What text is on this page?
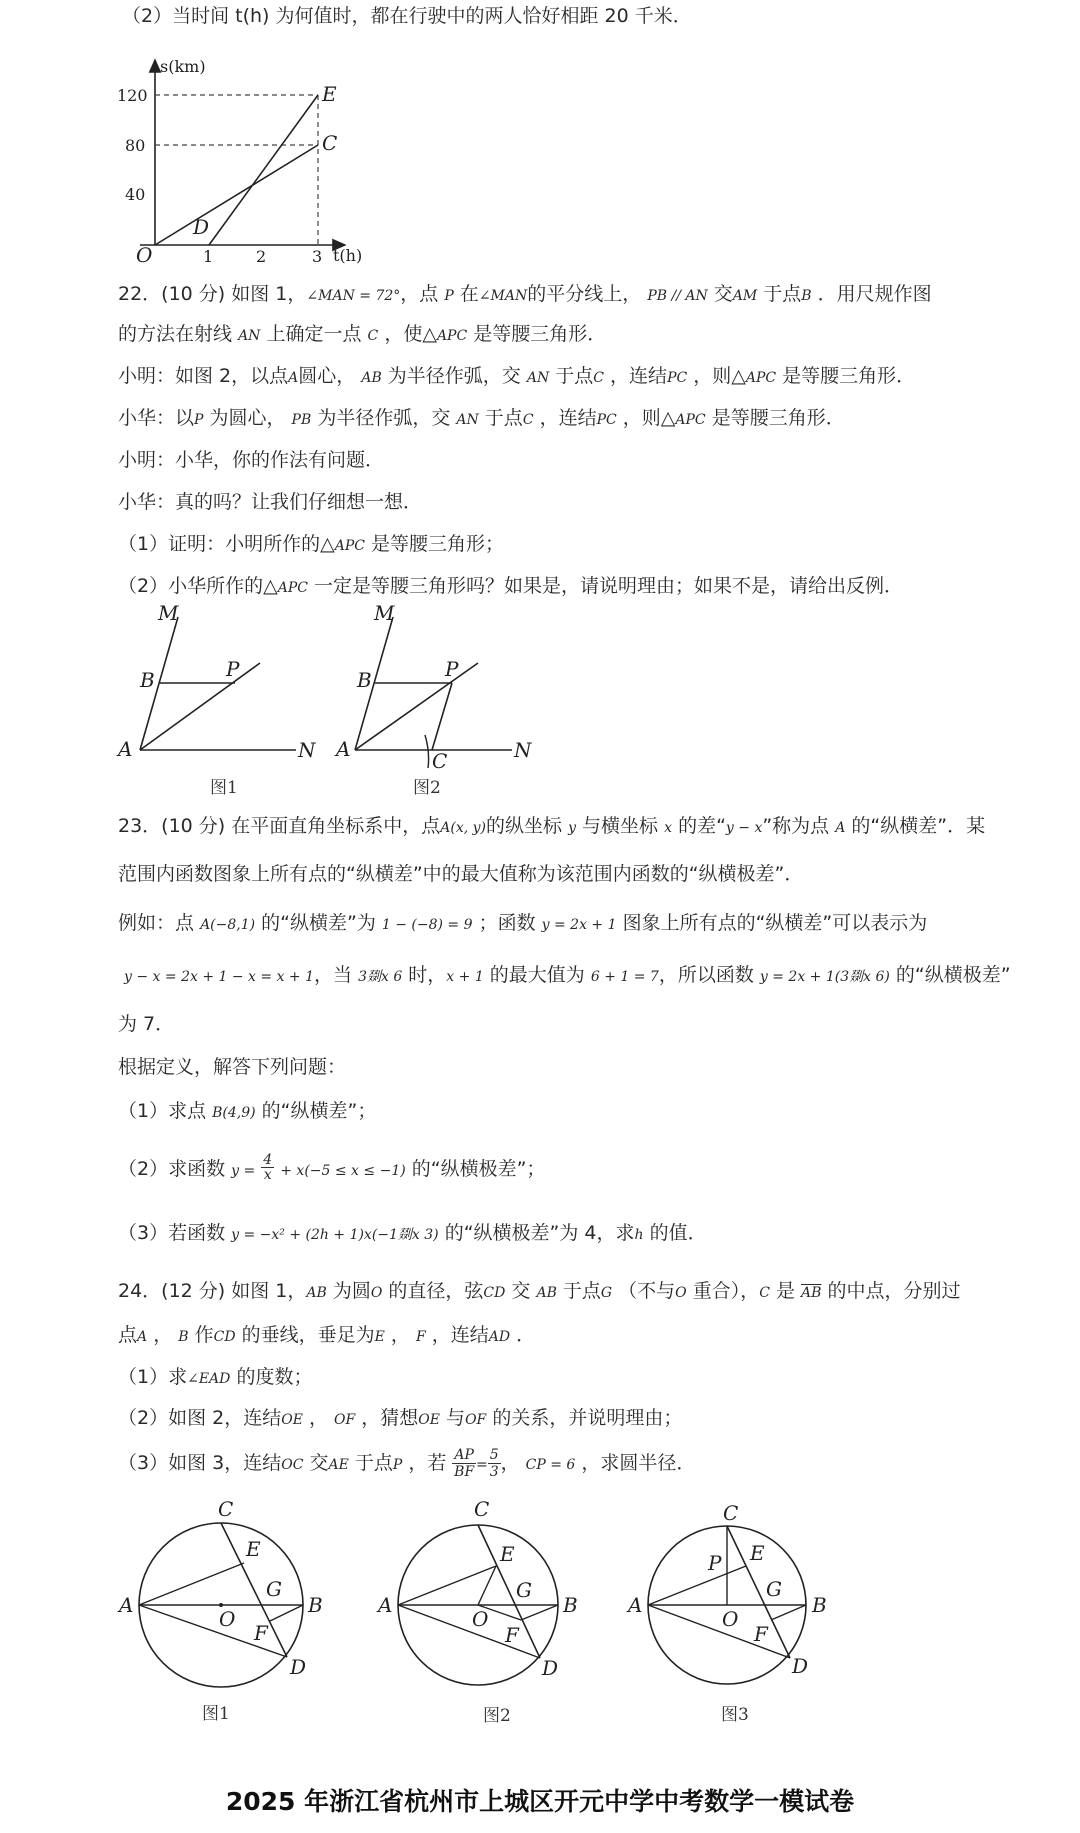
（2）当时间 t(h) 为何值时，都在行驶中的两人恰好相距 20 千米．
s(km)
t(h)
120
80
40
1	2	3
O
E
C
D
M
B	P
A	N
图1
M
B	P
A	C	N
图2
C
E
G
A	B
O
F
D
图1
C
E
G
A	B
O
F
D
图2
C
P E
G
A	B
O
F
D
图3
22．(10 分) 如图 1，∠MAN = 72°，点 P 在∠MAN的平分线上， PB // AN 交AM 于点B ．用尺规作图
的方法在射线 AN 上确定一点 C ，使△APC 是等腰三角形．
小明：如图 2，以点A圆心， AB 为半径作弧，交 AN 于点C ，连结PC ，则△APC 是等腰三角形．
小华：以P 为圆心， PB 为半径作弧，交 AN 于点C ，连结PC ，则△APC 是等腰三角形．
小明：小华，你的作法有问题．
小华：真的吗？让我们仔细想一想．
（1）证明：小明所作的△APC 是等腰三角形；
（2）小华所作的△APC 一定是等腰三角形吗？如果是，请说明理由；如果不是，请给出反例．
23．(10 分) 在平面直角坐标系中，点A(x, y)的纵坐标 y 与横坐标 x 的差“y − x”称为点 A 的“纵横差”．某
范围内函数图象上所有点的“纵横差”中的最大值称为该范围内函数的“纵横极差”．
例如：点 A(−8,1) 的“纵横差”为 1 − (−8) = 9 ；函数 y = 2x + 1 图象上所有点的“纵横差”可以表示为
y − x = 2x + 1 − x = x + 1，当 3剟x 6 时，x + 1 的最大值为 6 + 1 = 7，所以函数 y = 2x + 1(3剟x 6) 的“纵横极差”
为 7．
根据定义，解答下列问题：
（1）求点 B(4,9) 的“纵横差”；
（2）求函数 $y = \frac{4}{x} + x(-5 \le x \le -1)$ 的“纵横极差”；
（3）若函数 y = −x² + (2h + 1)x(−1剟x 3) 的“纵横极差”为 4，求h 的值．
24．(12 分) 如图 1，AB 为圆O 的直径，弦CD 交 AB 于点G （不与O 重合），C 是 $\overline{AB}$ 的中点，分别过
点A ， B 作CD 的垂线，垂足为E ， F ，连结AD ．
（1）求∠EAD 的度数；
（2）如图 2，连结OE ， OF ，猜想OE 与OF 的关系，并说明理由；
（3）如图 3，连结OC 交AE 于点P ，若 $\frac{AP}{BF} = \frac{5}{3}$ ， CP = 6 ，求圆半径．
2025 年浙江省杭州市上城区开元中学中考数学一模试卷
